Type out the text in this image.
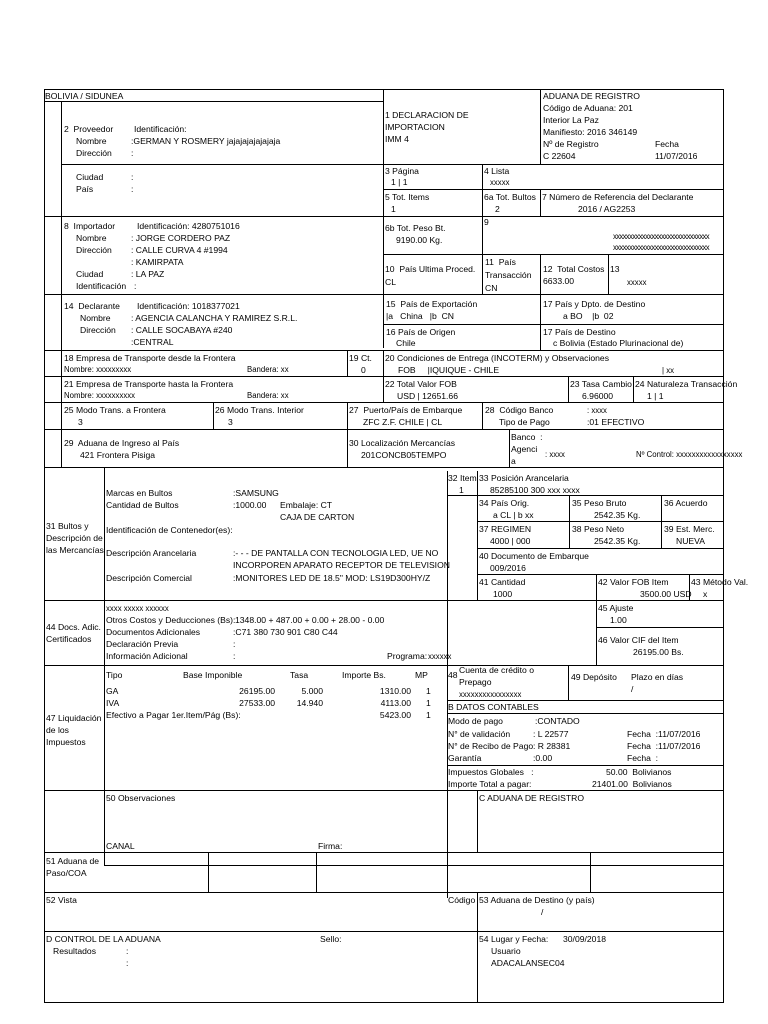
BOLIVIA / SIDUNEA
1 DECLARACION DE
IMPORTACION
IMM 4
ADUANA DE REGISTRO
Código de Aduana: 201
Interior La Paz
Manifiesto: 2016 346149
Nº de Registro	Fecha
C 22604	11/07/2016
2  Proveedor Identificación:
Nombre	:GERMAN Y ROSMERY jajajajajajajaja
Dirección :
Ciudad	:
País	:
3 Página
1 | 1
4 Lista
xxxxx
5 Tot. Items
1
6a Tot. Bultos
2
7 Número de Referencia del Declarante
2016 / AG2253
8  Importador	Identificación: 4280751016
Nombre	: JORGE CORDERO PAZ
Dirección : CALLE CURVA 4 #1994
: KAMIRPATA
Ciudad	: LA PAZ
Identificación :
6b Tot. Peso Bt.
9190.00 Kg.
9
xxxxxxxxxxxxxxxxxxxxxxxxxxxxxx
xxxxxxxxxxxxxxxxxxxxxxxxxxxxxx
10  País Ultima Proced.
CL
11  País
Transacción
CN
12  Total Costos
6633.00
13
xxxxx
14  Declarante Identificación: 1018377021
Nombre : AGENCIA CALANCHA Y RAMIREZ S.R.L.
Dirección : CALLE SOCABAYA #240
:CENTRAL
15  País de Exportación
|a   China   |b  CN
17 País y Dpto. de Destino
a BO    |b  02
16 País de Origen
Chile
17 País de Destino
c Bolivia (Estado Plurinacional de)
18 Empresa de Transporte desde la Frontera
Nombre: xxxxxxxxx	Bandera: xx
19 Ct.
0
20 Condiciones de Entrega (INCOTERM) y Observaciones
FOB     |IQUIQUE - CHILE	| xx
21 Empresa de Transporte hasta la Frontera
Nombre: xxxxxxxxxx	Bandera: xx
22 Total Valor FOB
USD | 12651.66
23 Tasa Cambio
6.96000
24 Naturaleza Transacción
1 | 1
25 Modo Trans. a Frontera
3
26 Modo Trans. Interior
3
27  Puerto/País de Embarque
ZFC Z.F. CHILE | CL
28  Código Banco	: xxxx
Tipo de Pago	:01 EFECTIVO
29  Aduana de Ingreso al País
421 Frontera Pisiga
30 Localización Mercancías
201CONCB05TEMPO
Banco  :
Agenci
a
: xxxx	Nº Control: xxxxxxxxxxxxxxxxx
31 Bultos y
Descripción de
las Mercancías
Marcas en Bultos	:SAMSUNG
Cantidad de Bultos	:1000.00 Embalaje: CT
CAJA DE CARTON
Identificación de Contenedor(es):
Descripción Arancelaria	:- - - DE PANTALLA CON TECNOLOGIA LED, UE NO
INCORPOREN APARATO RECEPTOR DE TELEVISION
Descripción Comercial	:MONITORES LED DE 18.5" MOD: LS19D300HY/Z
32 Item
1
33 Posición Arancelaria
85285100 300 xxx xxxx
34 País Orig.
a CL | b xx
35 Peso Bruto
2542.35 Kg.
36 Acuerdo
37 REGIMEN
4000 | 000
38 Peso Neto
2542.35 Kg.
39 Est. Merc.
NUEVA
40 Documento de Embarque
009/2016
41 Cantidad
1000
42 Valor FOB Item
3500.00 USD
43 Método Val.
x
44 Docs. Adic.
Certificados
xxxx xxxxx xxxxxx
Otros Costos y Deducciones (Bs): 1348.00 + 487.00 + 0.00 + 28.00 - 0.00
Documentos Adicionales	:C71 380 730 901 C80 C44
Declaración Previa	:
Información Adicional	:	Programa: xxxxxx
45 Ajuste
1.00
46 Valor CIF del Item
26195.00 Bs.
47 Liquidación
de los
Impuestos
Tipo	Base Imponible	Tasa	Importe Bs.	MP
GA	26195.00	5.000	1310.00 1
IVA	27533.00	14.940	4113.00 1
Efectivo a Pagar 1er.Item/Pág (Bs):	5423.00 1
48 Cuenta de crédito o
Prepago
xxxxxxxxxxxxxxxx
49 Depósito Plazo en días
/
B DATOS CONTABLES
Modo de pago	:CONTADO
N° de validación	: L 22577	Fecha  :11/07/2016
N° de Recibo de Pago : R 28381	Fecha  :11/07/2016
Garantía	:0.00	Fecha  :
Impuestos Globales   :	50.00  Bolivianos
Importe Total a pagar:	21401.00  Bolivianos
50 Observaciones
CANAL	Firma:
C ADUANA DE REGISTRO
51 Aduana de
Paso/COA
52 Vista	Código 53 Aduana de Destino (y país)
/
D CONTROL DE LA ADUANA	Sello:
Resultados	:
:
54 Lugar y Fecha: 30/09/2018
Usuario
ADACALANSEC04
